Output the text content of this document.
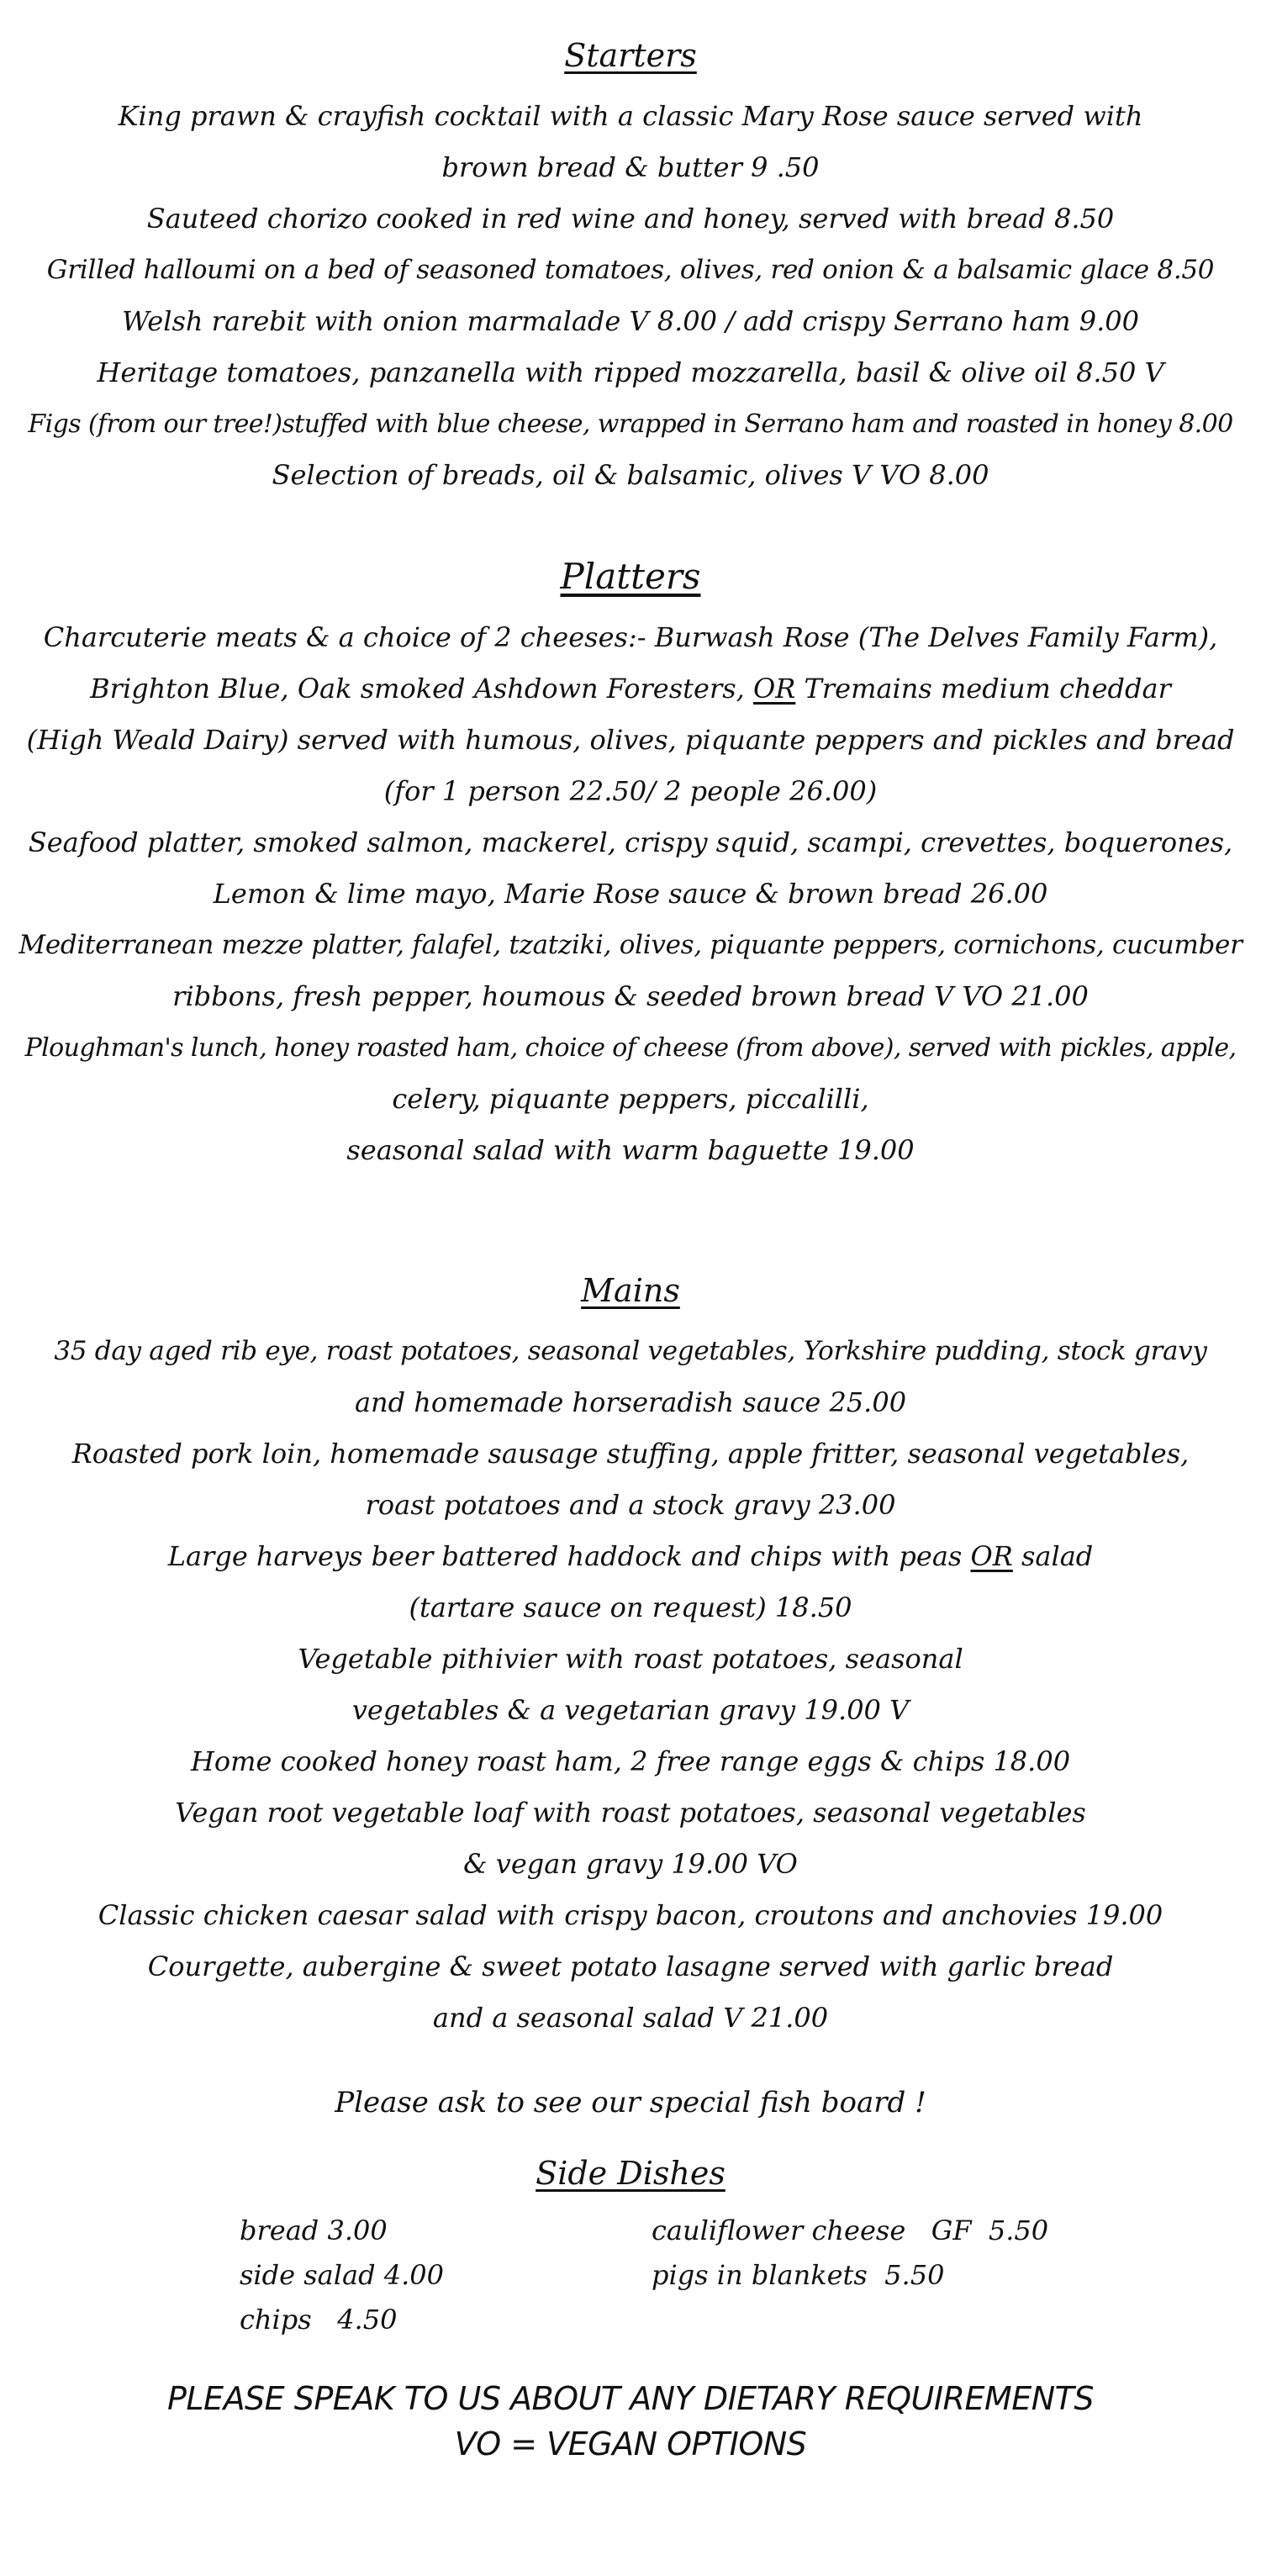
Starters
King prawn & crayfish cocktail with a classic Mary Rose sauce served with
brown bread & butter 9 .50
Sauteed chorizo cooked in red wine and honey, served with bread 8.50
Grilled halloumi on a bed of seasoned tomatoes, olives, red onion & a balsamic glace 8.50
Welsh rarebit with onion marmalade V 8.00 / add crispy Serrano ham 9.00
Heritage tomatoes, panzanella with ripped mozzarella, basil & olive oil 8.50 V
Figs (from our tree!)stuffed with blue cheese, wrapped in Serrano ham and roasted in honey 8.00
Selection of breads, oil & balsamic, olives V VO 8.00
Platters
Charcuterie meats & a choice of 2 cheeses:- Burwash Rose (The Delves Family Farm),
Brighton Blue, Oak smoked Ashdown Foresters, OR Tremains medium cheddar
(High Weald Dairy) served with humous, olives, piquante peppers and pickles and bread
(for 1 person 22.50/ 2 people 26.00)
Seafood platter, smoked salmon, mackerel, crispy squid, scampi, crevettes, boquerones,
Lemon & lime mayo, Marie Rose sauce & brown bread 26.00
Mediterranean mezze platter, falafel, tzatziki, olives, piquante peppers, cornichons, cucumber
ribbons, fresh pepper, houmous & seeded brown bread V VO 21.00
Ploughman's lunch, honey roasted ham, choice of cheese (from above), served with pickles, apple,
celery, piquante peppers, piccalilli,
seasonal salad with warm baguette 19.00
Mains
35 day aged rib eye, roast potatoes, seasonal vegetables, Yorkshire pudding, stock gravy
and homemade horseradish sauce 25.00
Roasted pork loin, homemade sausage stuffing, apple fritter, seasonal vegetables,
roast potatoes and a stock gravy 23.00
Large harveys beer battered haddock and chips with peas OR salad
(tartare sauce on request) 18.50
Vegetable pithivier with roast potatoes, seasonal
vegetables & a vegetarian gravy 19.00 V
Home cooked honey roast ham, 2 free range eggs & chips 18.00
Vegan root vegetable loaf with roast potatoes, seasonal vegetables
& vegan gravy 19.00 VO
Classic chicken caesar salad with crispy bacon, croutons and anchovies 19.00
Courgette, aubergine & sweet potato lasagne served with garlic bread
and a seasonal salad V 21.00

Please ask to see our special fish board !

Side Dishes
bread 3.00
side salad 4.00
chips   4.50
cauliflower cheese   GF  5.50
pigs in blankets  5.50
PLEASE SPEAK TO US ABOUT ANY DIETARY REQUIREMENTS
VO = VEGAN OPTIONS
